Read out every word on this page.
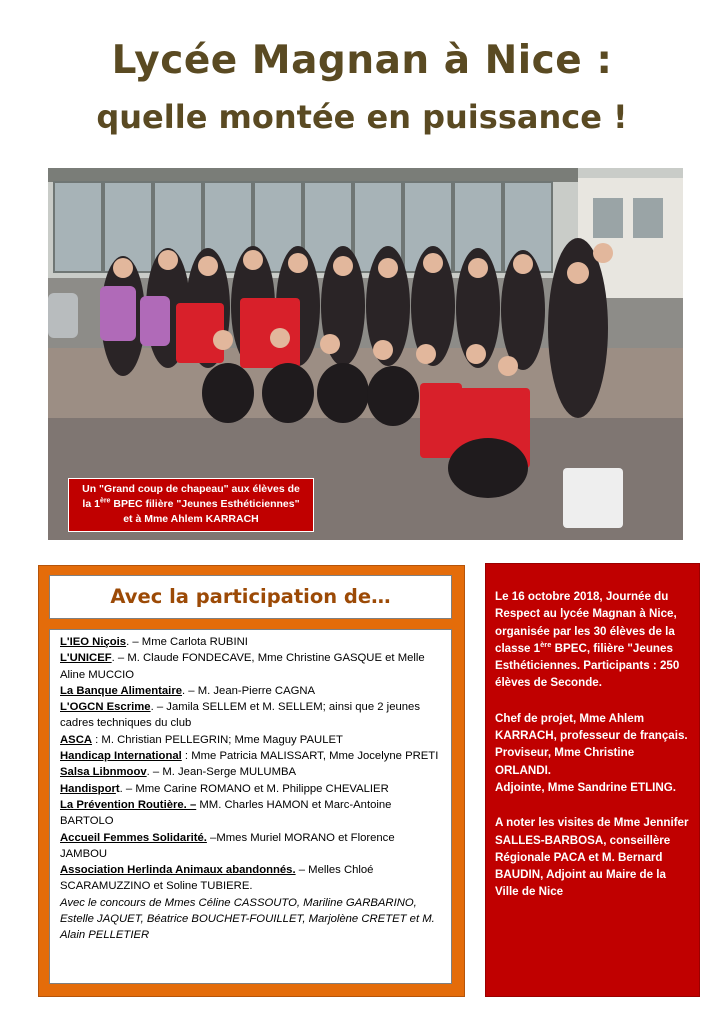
Lycée Magnan à Nice :
quelle montée en puissance !
Un "Grand coup de chapeau" aux élèves de
la 1ère BPEC filière "Jeunes Esthéticiennes"
et à Mme Ahlem KARRACH
Avec la participation de…

L'IEO Niçois. – Mme Carlota RUBINI

L'UNICEF. – M. Claude FONDECAVE, Mme Christine GASQUE et Melle Aline MUCCIO

La Banque Alimentaire. – M. Jean-Pierre CAGNA

L'OGCN Escrime. – Jamila SELLEM et M. SELLEM; ainsi que 2 jeunes cadres techniques du club

ASCA : M. Christian PELLEGRIN; Mme Maguy PAULET

Handicap International : Mme Patricia MALISSART, Mme Jocelyne PRETI

Salsa Libnmoov. – M. Jean-Serge MULUMBA

Handisport. – Mme Carine ROMANO et M. Philippe CHEVALIER

La Prévention Routière. – MM. Charles HAMON et Marc-Antoine BARTOLO

Accueil Femmes Solidarité. –Mmes Muriel MORANO et Florence JAMBOU

Association Herlinda Animaux abandonnés. – Melles Chloé SCARAMUZZINO et Soline TUBIERE.

Avec le concours de Mmes Céline CASSOUTO, Mariline GARBARINO, Estelle JAQUET, Béatrice BOUCHET-FOUILLET, Marjolène CRETET et M. Alain PELLETIER

Le 16 octobre 2018, Journée du Respect au lycée Magnan à Nice, organisée par les 30 élèves de la classe 1ère BPEC, filière "Jeunes Esthéticiennes. Participants : 250 élèves de Seconde.

Chef de projet, Mme Ahlem KARRACH, professeur de français.
Proviseur, Mme Christine ORLANDI.
Adjointe, Mme Sandrine ETLING.

A noter les visites de Mme Jennifer SALLES-BARBOSA, conseillère Régionale PACA et M. Bernard BAUDIN, Adjoint au Maire de la Ville de Nice
